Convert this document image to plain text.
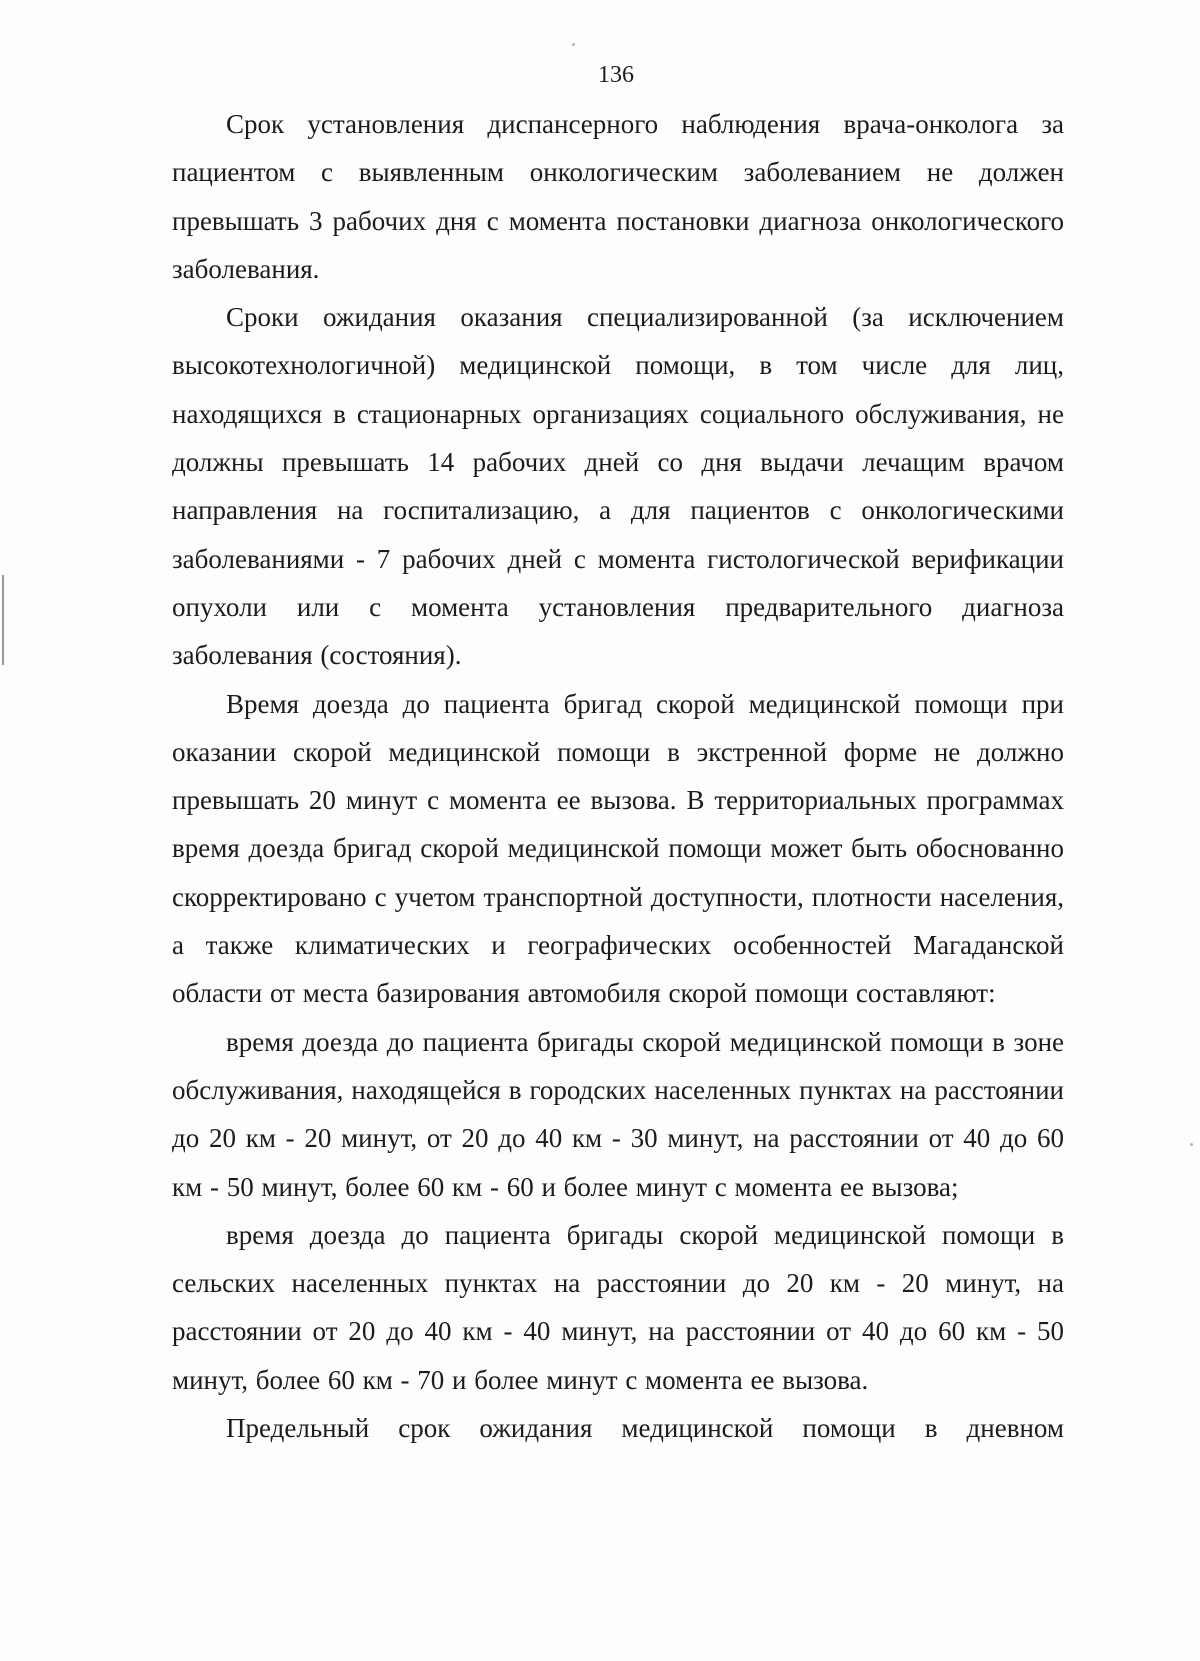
136

Срок установления диспансерного наблюдения врача-онколога за пациентом с выявленным онкологическим заболеванием не должен превышать 3 рабочих дня с момента постановки диагноза онкологического заболевания.

Сроки ожидания оказания специализированной (за исключением высокотехнологичной) медицинской помощи, в том числе для лиц, находящихся в стационарных организациях социального обслуживания, не должны превышать 14 рабочих дней со дня выдачи лечащим врачом направления на госпитализацию, а для пациентов с онкологическими заболеваниями - 7 рабочих дней с момента гистологической верификации опухоли или с момента установления предварительного диагноза заболевания (состояния).

Время доезда до пациента бригад скорой медицинской помощи при оказании скорой медицинской помощи в экстренной форме не должно превышать 20 минут с момента ее вызова. В территориальных программах время доезда бригад скорой медицинской помощи может быть обоснованно скорректировано с учетом транспортной доступности, плотности населения, а также климатических и географических особенностей Магаданской области от места базирования автомобиля скорой помощи составляют:

время доезда до пациента бригады скорой медицинской помощи в зоне обслуживания, находящейся в городских населенных пунктах на расстоянии до 20 км - 20 минут, от 20 до 40 км - 30 минут, на расстоянии от 40 до 60 км - 50 минут, более 60 км - 60 и более минут с момента ее вызова;

время доезда до пациента бригады скорой медицинской помощи в сельских населенных пунктах на расстоянии до 20 км - 20 минут, на расстоянии от 20 до 40 км - 40 минут, на расстоянии от 40 до 60 км - 50 минут, более 60 км - 70 и более минут с момента ее вызова.

Предельный срок ожидания медицинской помощи в дневном
